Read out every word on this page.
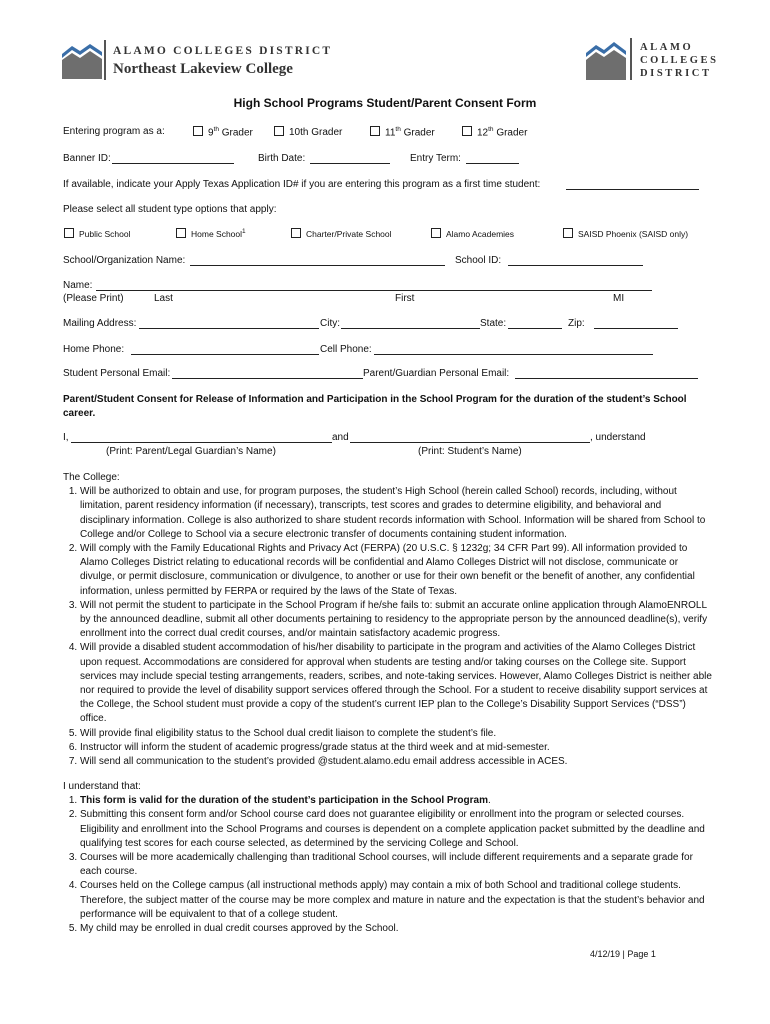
ALAMO COLLEGES DISTRICT
Northeast Lakeview College
ALAMO
COLLEGES
DISTRICT
High School Programs Student/Parent Consent Form
Entering program as a:	9th Grader	10th Grader	11th Grader	12th Grader
Banner ID:	Birth Date:	Entry Term:
If available, indicate your Apply Texas Application ID# if you are entering this program as a first time student:
Please select all student type options that apply:
Public School	Home School$^1$	Charter/Private School	Alamo Academies	SAISD Phoenix (SAISD only)
School/Organization Name:	School ID:
Name:
(Please Print)	Last	First	MI
Mailing Address:	City:	State:	Zip:
Home Phone:	Cell Phone:
Student Personal Email:	Parent/Guardian Personal Email:
Parent/Student Consent for Release of Information and Participation in the School Program for the duration of the student’s School
career.
I,	and	, understand
(Print: Parent/Legal Guardian’s Name)	(Print: Student’s Name)

The College:

1. Will be authorized to obtain and use, for program purposes, the student’s High School (herein called School) records, including, without limitation, parent residency information (if necessary), transcripts, test scores and grades to determine eligibility, and behavioral and disciplinary information. College is also authorized to share student records information with School. Information will be shared from School to College and/or College to School via a secure electronic transfer of documents containing student information.
2. Will comply with the Family Educational Rights and Privacy Act (FERPA) (20 U.S.C. § 1232g; 34 CFR Part 99). All information provided to Alamo Colleges District relating to educational records will be confidential and Alamo Colleges District will not disclose, communicate or divulge, or permit disclosure, communication or divulgence, to another or use for their own benefit or the benefit of another, any confidential information, unless permitted by FERPA or required by the laws of the State of Texas.
3. Will not permit the student to participate in the School Program if he/she fails to: submit an accurate online application through AlamoENROLL by the announced deadline, submit all other documents pertaining to residency to the appropriate person by the announced deadline(s), verify enrollment into the correct dual credit courses, and/or maintain satisfactory academic progress.
4. Will provide a disabled student accommodation of his/her disability to participate in the program and activities of the Alamo Colleges District upon request. Accommodations are considered for approval when students are testing and/or taking courses on the College site. Support services may include special testing arrangements, readers, scribes, and note-taking services. However, Alamo Colleges District is neither able nor required to provide the level of disability support services offered through the School. For a student to receive disability support services at the College, the School student must provide a copy of the student’s current IEP plan to the College’s Disability Support Services (“DSS”) office.
5. Will provide final eligibility status to the School dual credit liaison to complete the student’s file.
6. Instructor will inform the student of academic progress/grade status at the third week and at mid-semester.
7. Will send all communication to the student’s provided @student.alamo.edu email address accessible in ACES.

I understand that:

1. This form is valid for the duration of the student’s participation in the School Program.
2. Submitting this consent form and/or School course card does not guarantee eligibility or enrollment into the program or selected courses. Eligibility and enrollment into the School Programs and courses is dependent on a complete application packet submitted by the deadline and qualifying test scores for each course selected, as determined by the servicing College and School.
3. Courses will be more academically challenging than traditional School courses, will include different requirements and a separate grade for each course.
4. Courses held on the College campus (all instructional methods apply) may contain a mix of both School and traditional college students. Therefore, the subject matter of the course may be more complex and mature in nature and the expectation is that the student’s behavior and performance will be equivalent to that of a college student.
5. My child may be enrolled in dual credit courses approved by the School.
4/12/19 | Page 1
